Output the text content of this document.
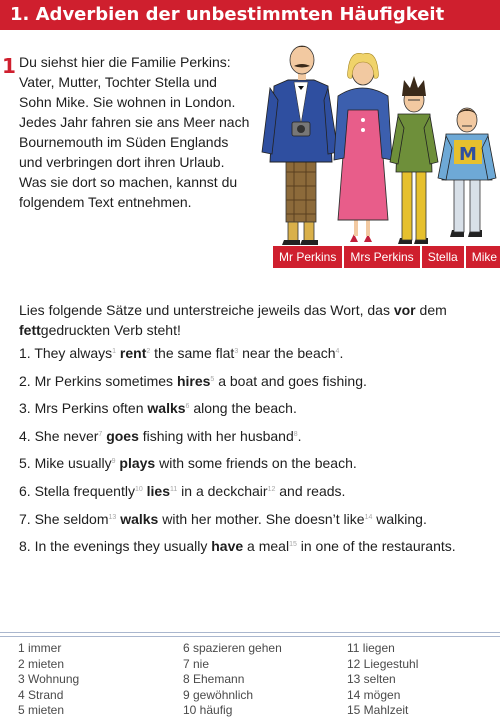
1. Adverbien der unbestimmten Häufigkeit
1 Du siehst hier die Familie Perkins:
Vater, Mutter, Tochter Stella und
Sohn Mike. Sie wohnen in London.
Jedes Jahr fahren sie ans Meer nach
Bournemouth im Süden Englands
und verbringen dort ihren Urlaub.
Was sie dort so machen, kannst du
folgendem Text entnehmen.
M
Mr Perkins	Mrs Perkins	Stella	Mike
Lies folgende Sätze und unterstreiche jeweils das Wort, das vor dem
fettgedruckten Verb steht!
1. They always$^1$ rent$^2$ the same flat$^3$ near the beach$^4$.
2. Mr Perkins sometimes hires$^5$ a boat and goes fishing.
3. Mrs Perkins often walks$^6$ along the beach.
4. She never$^7$ goes fishing with her husband$^8$.
5. Mike usually$^9$ plays with some friends on the beach.
6. Stella frequently$^{10}$ lies$^{11}$ in a deckchair$^{12}$ and reads.
7. She seldom$^{13}$ walks with her mother. She doesn’t like$^{14}$ walking.
8. In the evenings they usually have a meal$^{15}$ in one of the restaurants.
1 immer
2 mieten
3 Wohnung
4 Strand
5 mieten
6 spazieren gehen
7 nie
8 Ehemann
9 gewöhnlich
10 häufig
11 liegen
12 Liegestuhl
13 selten
14 mögen
15 Mahlzeit
